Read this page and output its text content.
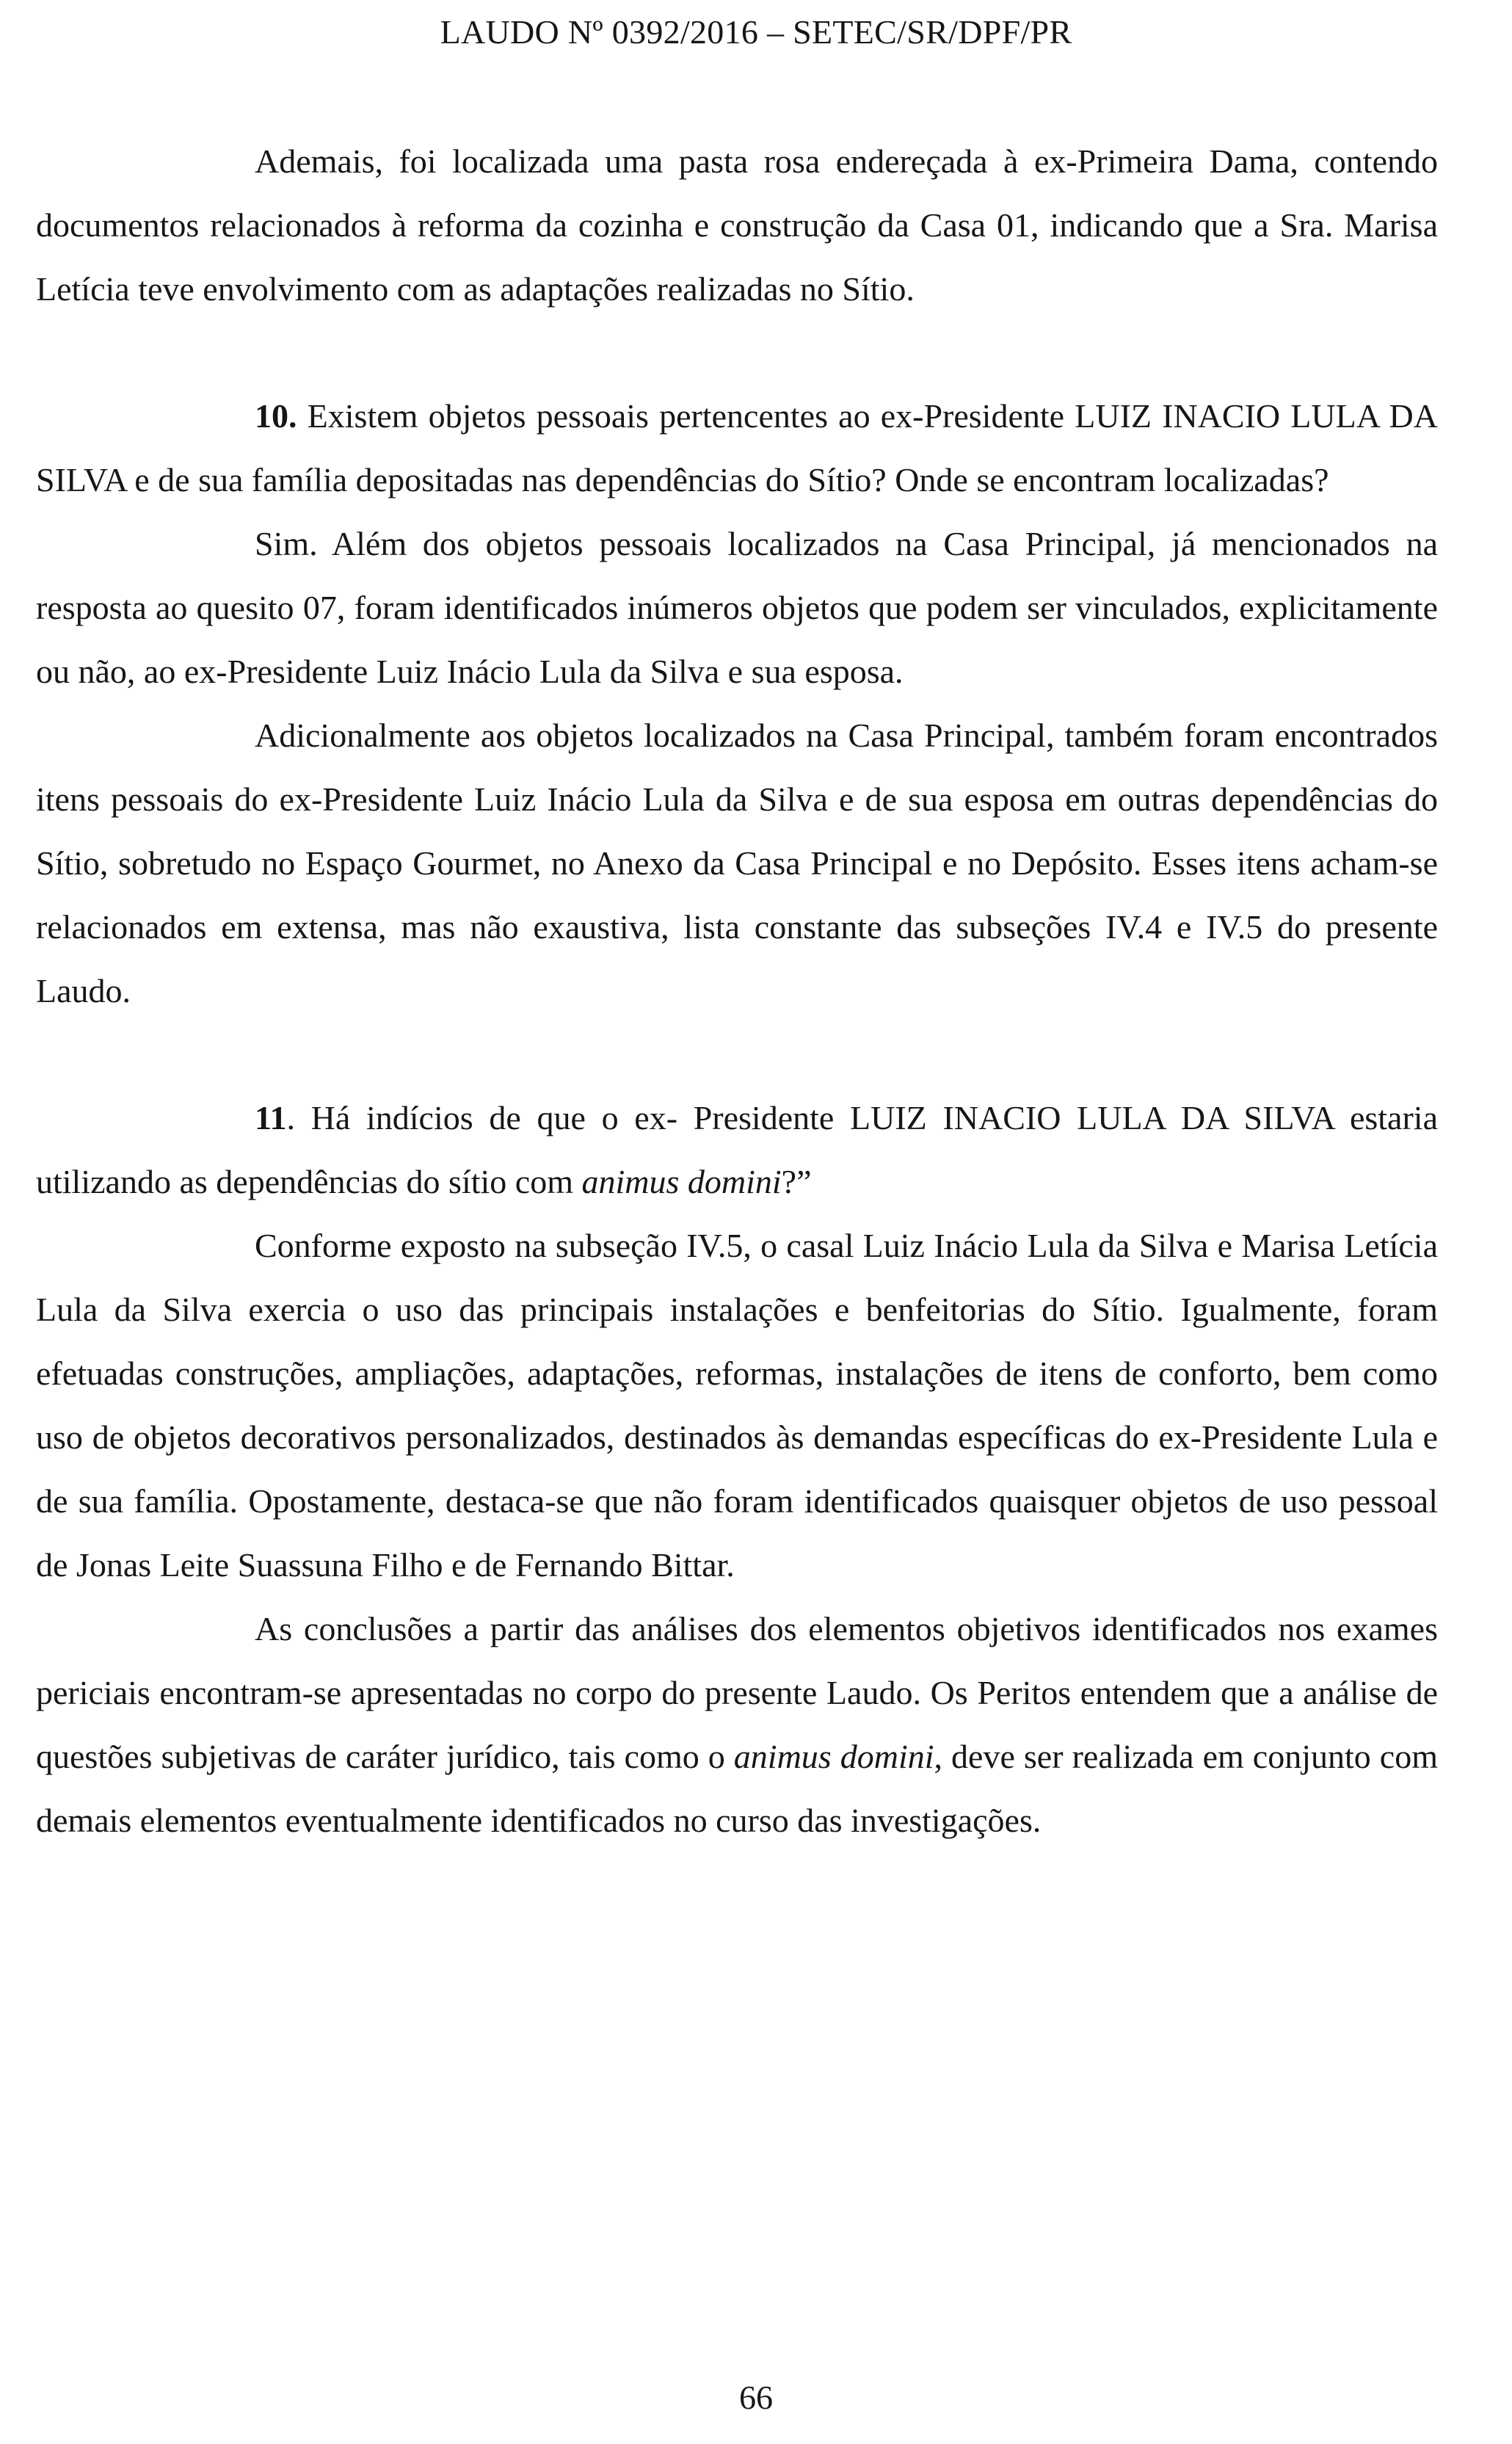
LAUDO Nº 0392/2016 – SETEC/SR/DPF/PR

Ademais, foi localizada uma pasta rosa endereçada à ex-Primeira Dama, contendo documentos relacionados à reforma da cozinha e construção da Casa 01, indicando que a Sra. Marisa Letícia teve envolvimento com as adaptações realizadas no Sítio.

10. Existem objetos pessoais pertencentes ao ex-Presidente LUIZ INACIO LULA DA SILVA e de sua família depositadas nas dependências do Sítio? Onde se encontram localizadas?

Sim. Além dos objetos pessoais localizados na Casa Principal, já mencionados na resposta ao quesito 07, foram identificados inúmeros objetos que podem ser vinculados, explicitamente ou não, ao ex-Presidente Luiz Inácio Lula da Silva e sua esposa.

Adicionalmente aos objetos localizados na Casa Principal, também foram encontrados itens pessoais do ex-Presidente Luiz Inácio Lula da Silva e de sua esposa em outras dependências do Sítio, sobretudo no Espaço Gourmet, no Anexo da Casa Principal e no Depósito. Esses itens acham-se relacionados em extensa, mas não exaustiva, lista constante das subseções IV.4 e IV.5 do presente Laudo.

11. Há indícios de que o ex- Presidente LUIZ INACIO LULA DA SILVA estaria utilizando as dependências do sítio com animus domini?”

Conforme exposto na subseção IV.5, o casal Luiz Inácio Lula da Silva e Marisa Letícia Lula da Silva exercia o uso das principais instalações e benfeitorias do Sítio. Igualmente, foram efetuadas construções, ampliações, adaptações, reformas, instalações de itens de conforto, bem como uso de objetos decorativos personalizados, destinados às demandas específicas do ex-Presidente Lula e de sua família. Opostamente, destaca-se que não foram identificados quaisquer objetos de uso pessoal de Jonas Leite Suassuna Filho e de Fernando Bittar.

As conclusões a partir das análises dos elementos objetivos identificados nos exames periciais encontram-se apresentadas no corpo do presente Laudo. Os Peritos entendem que a análise de questões subjetivas de caráter jurídico, tais como o animus domini, deve ser realizada em conjunto com demais elementos eventualmente identificados no curso das investigações.

66
